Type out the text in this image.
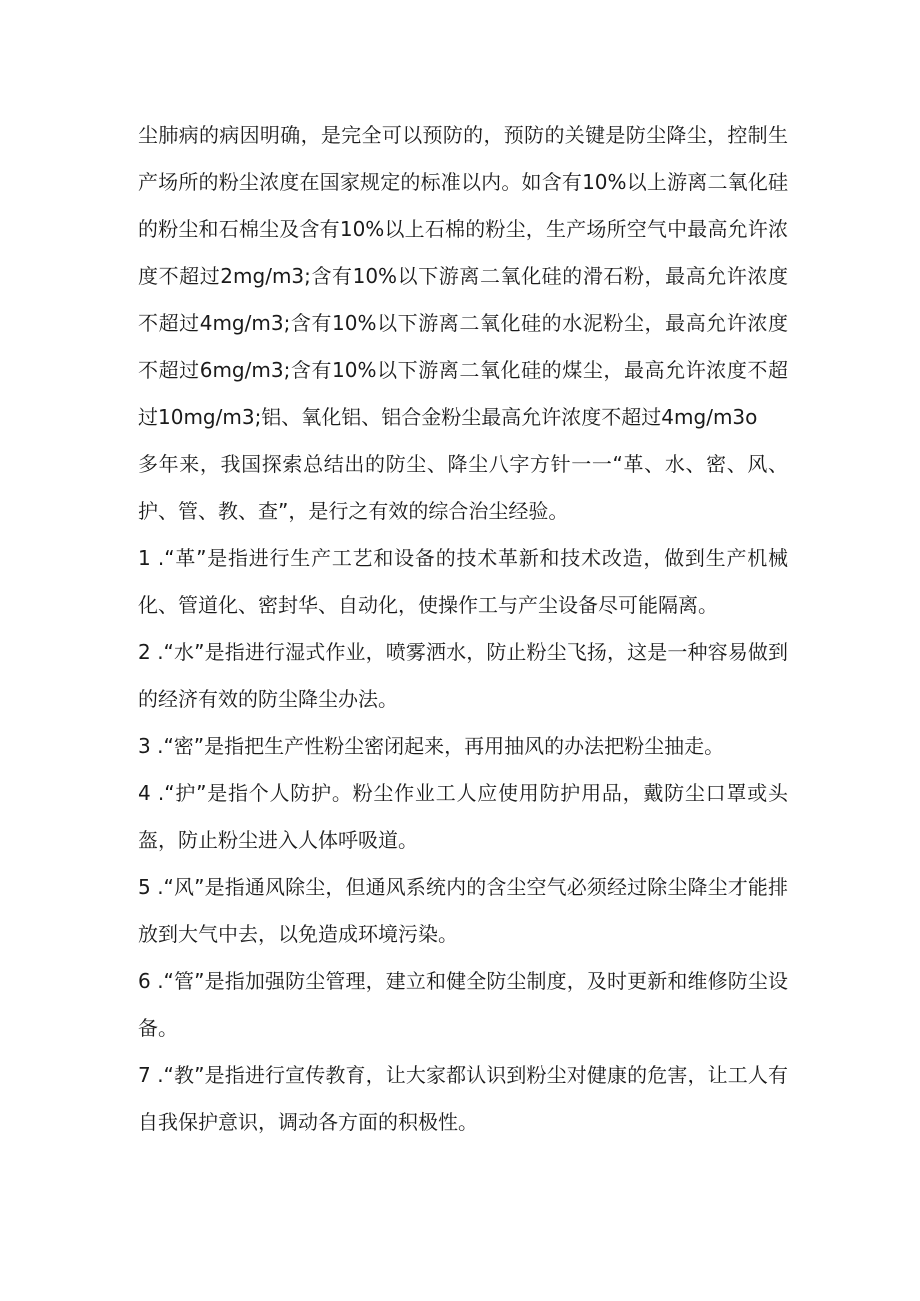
尘肺病的病因明确，是完全可以预防的，预防的关键是防尘降尘，控制生产场所的粉尘浓度在国家规定的标准以内。如含有10%以上游离二氧化硅的粉尘和石棉尘及含有10%以上石棉的粉尘，生产场所空气中最高允许浓度不超过2mg/m3;含有10%以下游离二氧化硅的滑石粉，最高允许浓度不超过4mg/m3;含有10%以下游离二氧化硅的水泥粉尘，最高允许浓度不超过6mg/m3;含有10%以下游离二氧化硅的煤尘，最高允许浓度不超过10mg/m3;铝、氧化铝、铝合金粉尘最高允许浓度不超过4mg/m3o

多年来，我国探索总结出的防尘、降尘八字方针一一“革、水、密、风、护、管、教、查”，是行之有效的综合治尘经验。

1 .“革”是指进行生产工艺和设备的技术革新和技术改造，做到生产机械化、管道化、密封华、自动化，使操作工与产尘设备尽可能隔离。

2 .“水”是指进行湿式作业，喷雾洒水，防止粉尘飞扬，这是一种容易做到的经济有效的防尘降尘办法。

3 .“密”是指把生产性粉尘密闭起来，再用抽风的办法把粉尘抽走。

4 .“护”是指个人防护。粉尘作业工人应使用防护用品，戴防尘口罩或头盔，防止粉尘进入人体呼吸道。

5 .“风”是指通风除尘，但通风系统内的含尘空气必须经过除尘降尘才能排放到大气中去，以免造成环境污染。

6 .“管”是指加强防尘管理，建立和健全防尘制度，及时更新和维修防尘设备。

7 .“教”是指进行宣传教育，让大家都认识到粉尘对健康的危害，让工人有自我保护意识，调动各方面的积极性。
